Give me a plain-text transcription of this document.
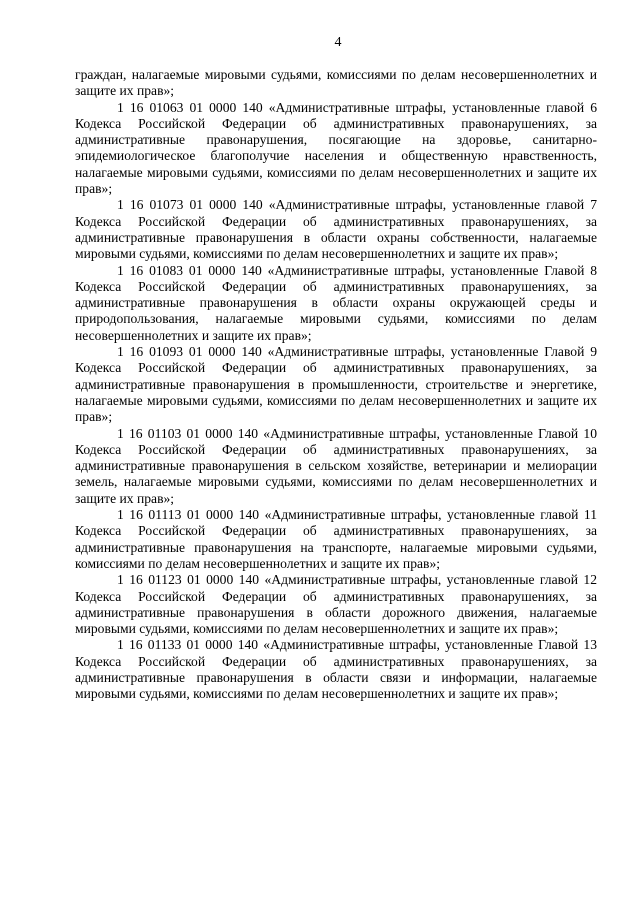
4

граждан, налагаемые мировыми судьями, комиссиями по делам несовершеннолетних и защите их прав»;

1 16 01063 01 0000 140 «Административные штрафы, установленные главой 6 Кодекса Российской Федерации об административных правонарушениях, за административные правонарушения, посягающие на здоровье, санитарно-эпидемиологическое благополучие населения и общественную нравственность, налагаемые мировыми судьями, комиссиями по делам несовершеннолетних и защите их прав»;

1 16 01073 01 0000 140 «Административные штрафы, установленные главой 7 Кодекса Российской Федерации об административных правонарушениях, за административные правонарушения в области охраны собственности, налагаемые мировыми судьями, комиссиями по делам несовершеннолетних и защите их прав»;

1 16 01083 01 0000 140 «Административные штрафы, установленные Главой 8 Кодекса Российской Федерации об административных правонарушениях, за административные правонарушения в области охраны окружающей среды и природопользования, налагаемые мировыми судьями, комиссиями по делам несовершеннолетних и защите их прав»;

1 16 01093 01 0000 140 «Административные штрафы, установленные Главой 9 Кодекса Российской Федерации об административных правонарушениях, за административные правонарушения в промышленности, строительстве и энергетике, налагаемые мировыми судьями, комиссиями по делам несовершеннолетних и защите их прав»;

1 16 01103 01 0000 140 «Административные штрафы, установленные Главой 10 Кодекса Российской Федерации об административных правонарушениях, за административные правонарушения в сельском хозяйстве, ветеринарии и мелиорации земель, налагаемые мировыми судьями, комиссиями по делам несовершеннолетних и защите их прав»;

1 16 01113 01 0000 140 «Административные штрафы, установленные главой 11 Кодекса Российской Федерации об административных правонарушениях, за административные правонарушения на транспорте, налагаемые мировыми судьями, комиссиями по делам несовершеннолетних и защите их прав»;

1 16 01123 01 0000 140 «Административные штрафы, установленные главой 12 Кодекса Российской Федерации об административных правонарушениях, за административные правонарушения в области дорожного движения, налагаемые мировыми судьями, комиссиями по делам несовершеннолетних и защите их прав»;

1 16 01133 01 0000 140 «Административные штрафы, установленные Главой 13 Кодекса Российской Федерации об административных правонарушениях, за административные правонарушения в области связи и информации, налагаемые мировыми судьями, комиссиями по делам несовершеннолетних и защите их прав»;
